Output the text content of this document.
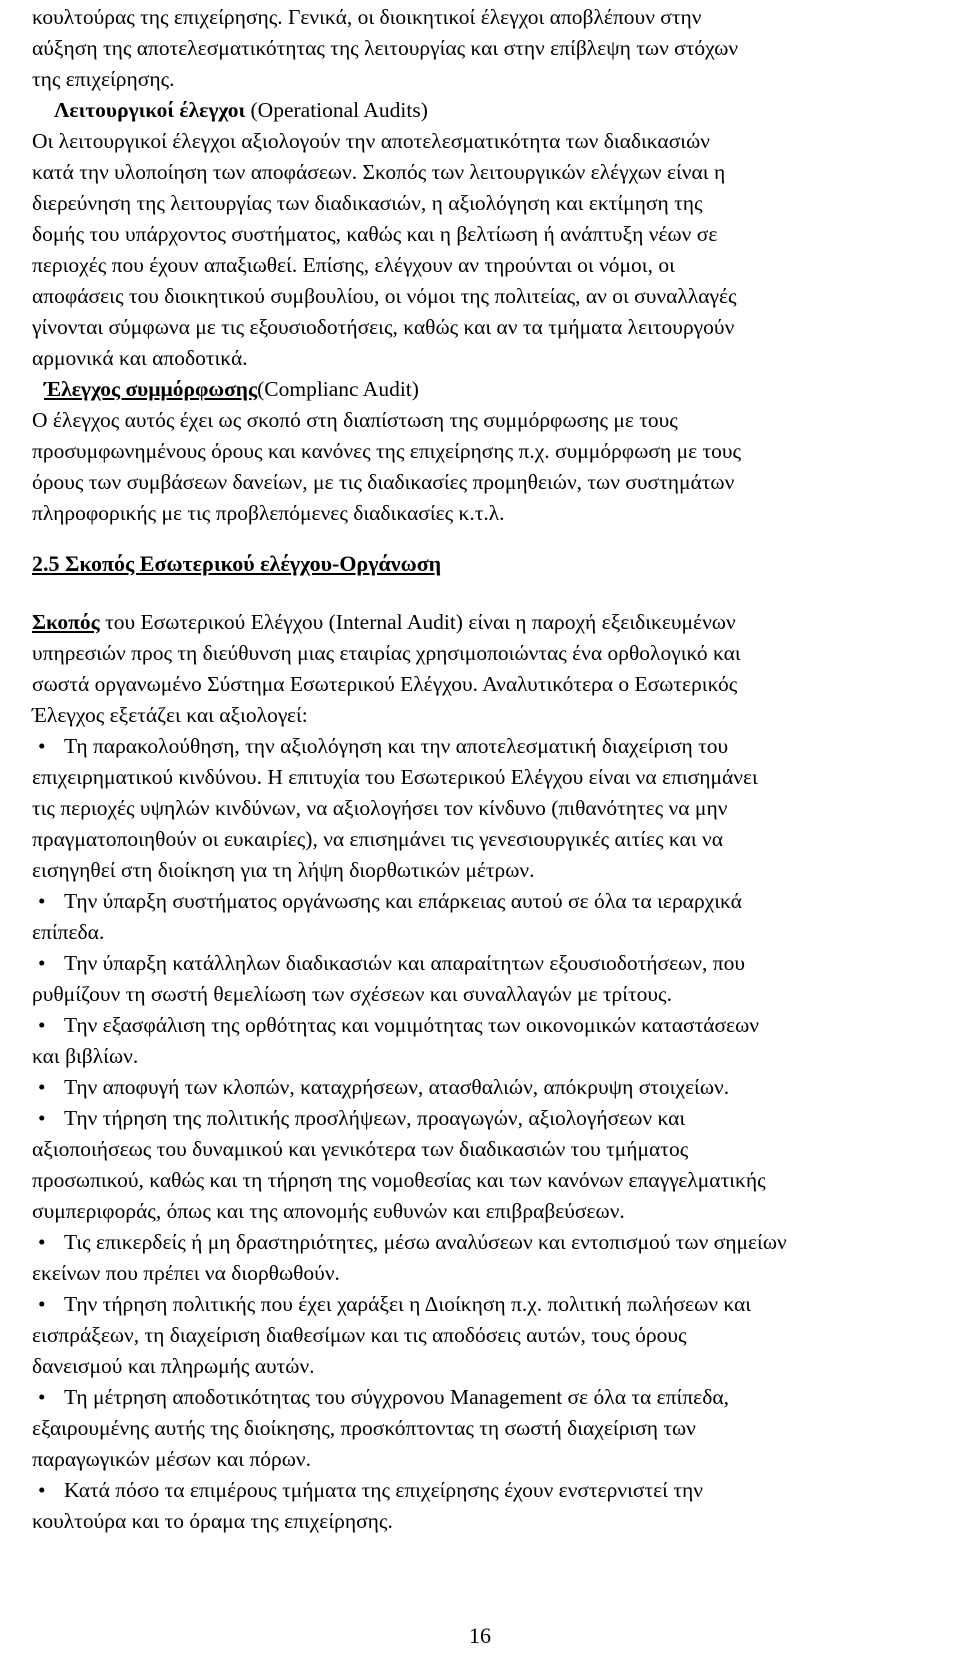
κουλτούρας της επιχείρησης. Γενικά, οι διοικητικοί έλεγχοι αποβλέπουν στην

αύξηση της αποτελεσματικότητας της λειτουργίας και στην επίβλεψη των στόχων

της επιχείρησης.

Λειτουργικοί έλεγχοι (Operational Audits)

Οι λειτουργικοί έλεγχοι αξιολογούν την αποτελεσματικότητα των διαδικασιών

κατά την υλοποίηση των αποφάσεων. Σκοπός των λειτουργικών ελέγχων είναι η

διερεύνηση της λειτουργίας των διαδικασιών, η αξιολόγηση και εκτίμηση της

δομής του υπάρχοντος συστήματος, καθώς και η βελτίωση ή ανάπτυξη νέων σε

περιοχές που έχουν απαξιωθεί. Επίσης, ελέγχουν αν τηρούνται οι νόμοι, οι

αποφάσεις του διοικητικού συμβουλίου, οι νόμοι της πολιτείας, αν οι συναλλαγές

γίνονται σύμφωνα με τις εξουσιοδοτήσεις, καθώς και αν τα τμήματα λειτουργούν

αρμονικά και αποδοτικά.

Έλεγχος συμμόρφωσης(Complianc Audit)

Ο έλεγχος αυτός έχει ως σκοπό στη διαπίστωση της συμμόρφωσης με τους

προσυμφωνημένους όρους και κανόνες της επιχείρησης π.χ. συμμόρφωση με τους

όρους των συμβάσεων δανείων, με τις διαδικασίες προμηθειών, των συστημάτων

πληροφορικής με τις προβλεπόμενες διαδικασίες κ.τ.λ.

2.5 Σκοπός Εσωτερικού ελέγχου-Οργάνωση

Σκοπός του Εσωτερικού Ελέγχου (Internal Audit) είναι η παροχή εξειδικευμένων

υπηρεσιών προς τη διεύθυνση μιας εταιρίας χρησιμοποιώντας ένα ορθολογικό και

σωστά οργανωμένο Σύστημα Εσωτερικού Ελέγχου. Αναλυτικότερα ο Εσωτερικός

Έλεγχος εξετάζει και αξιολογεί:

• Τη παρακολούθηση, την αξιολόγηση και την αποτελεσματική διαχείριση του

επιχειρηματικού κινδύνου. Η επιτυχία του Εσωτερικού Ελέγχου είναι να επισημάνει

τις περιοχές υψηλών κινδύνων, να αξιολογήσει τον κίνδυνο (πιθανότητες να μην

πραγματοποιηθούν οι ευκαιρίες), να επισημάνει τις γενεσιουργικές αιτίες και να

εισηγηθεί στη διοίκηση για τη λήψη διορθωτικών μέτρων.

• Την ύπαρξη συστήματος οργάνωσης και επάρκειας αυτού σε όλα τα ιεραρχικά

επίπεδα.

• Την ύπαρξη κατάλληλων διαδικασιών και απαραίτητων εξουσιοδοτήσεων, που

ρυθμίζουν τη σωστή θεμελίωση των σχέσεων και συναλλαγών με τρίτους.

• Την εξασφάλιση της ορθότητας και νομιμότητας των οικονομικών καταστάσεων

και βιβλίων.

• Την αποφυγή των κλοπών, καταχρήσεων, ατασθαλιών, απόκρυψη στοιχείων.

• Την τήρηση της πολιτικής προσλήψεων, προαγωγών, αξιολογήσεων και

αξιοποιήσεως του δυναμικού και γενικότερα των διαδικασιών του τμήματος

προσωπικού, καθώς και τη τήρηση της νομοθεσίας και των κανόνων επαγγελματικής

συμπεριφοράς, όπως και της απονομής ευθυνών και επιβραβεύσεων.

• Τις επικερδείς ή μη δραστηριότητες, μέσω αναλύσεων και εντοπισμού των σημείων

εκείνων που πρέπει να διορθωθούν.

• Την τήρηση πολιτικής που έχει χαράξει η Διοίκηση π.χ. πολιτική πωλήσεων και

εισπράξεων, τη διαχείριση διαθεσίμων και τις αποδόσεις αυτών, τους όρους

δανεισμού και πληρωμής αυτών.

• Τη μέτρηση αποδοτικότητας του σύγχρονου Management σε όλα τα επίπεδα,

εξαιρουμένης αυτής της διοίκησης, προσκόπτοντας τη σωστή διαχείριση των

παραγωγικών μέσων και πόρων.

• Κατά πόσο τα επιμέρους τμήματα της επιχείρησης έχουν ενστερνιστεί την

κουλτούρα και το όραμα της επιχείρησης.

16
